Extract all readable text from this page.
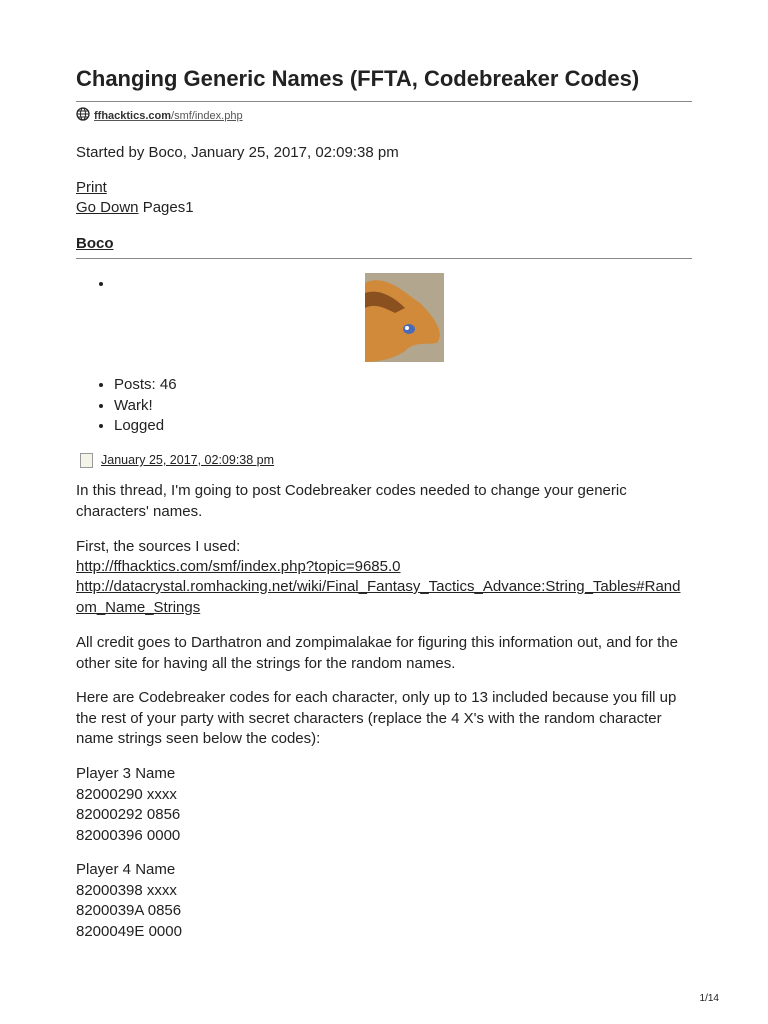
Changing Generic Names (FFTA, Codebreaker Codes)
ffhacktics.com/smf/index.php

Started by Boco, January 25, 2017, 02:09:38 pm

Print

Go Down Pages1

Boco

•
• Posts: 46
• Wark!
• Logged
January 25, 2017, 02:09:38 pm

In this thread, I'm going to post Codebreaker codes needed to change your generic characters' names.

First, the sources I used:

http://ffhacktics.com/smf/index.php?topic=9685.0

http://datacrystal.romhacking.net/wiki/Final_Fantasy_Tactics_Advance:String_Tables#Random_Name_Strings

All credit goes to Darthatron and zompimalakae for figuring this information out, and for the other site for having all the strings for the random names.

Here are Codebreaker codes for each character, only up to 13 included because you fill up the rest of your party with secret characters (replace the 4 X's with the random character name strings seen below the codes):

Player 3 Name
82000290 xxxx
82000292 0856
82000396 0000
Player 4 Name
82000398 xxxx
8200039A 0856
8200049E 0000
1/14
